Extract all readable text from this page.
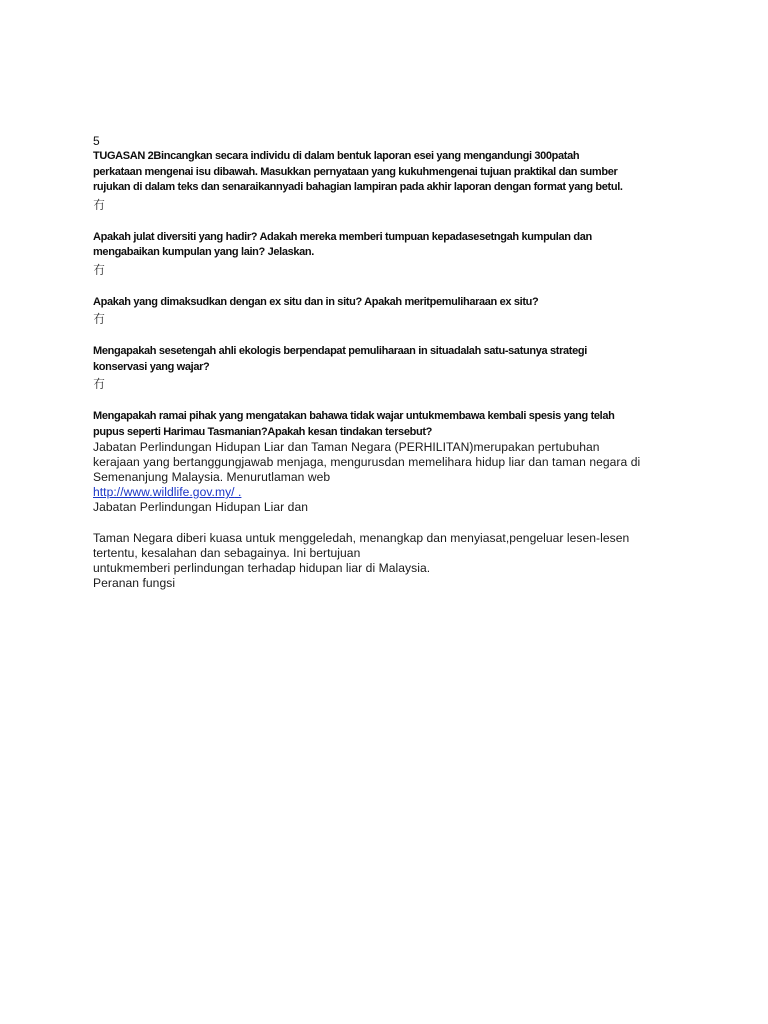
5

TUGASAN 2Bincangkan secara individu di dalam bentuk laporan esei yang mengandungi 300patah
perkataan mengenai isu dibawah. Masukkan pernyataan yang kukuhmengenai tujuan praktikal dan sumber
rujukan di dalam teks dan senaraikannyadi bahagian lampiran pada akhir laporan dengan format yang betul.

冇

Apakah julat diversiti yang hadir? Adakah mereka memberi tumpuan kepadasesetngah kumpulan dan
mengabaikan kumpulan yang lain? Jelaskan.

冇

Apakah yang dimaksudkan dengan ex situ dan in situ? Apakah meritpemuliharaan ex situ?

冇

Mengapakah sesetengah ahli ekologis berpendapat pemuliharaan in situadalah satu-satunya strategi
konservasi yang wajar?

冇

Mengapakah ramai pihak yang mengatakan bahawa tidak wajar untukmembawa kembali spesis yang telah
pupus seperti Harimau Tasmanian?Apakah kesan tindakan tersebut?
Jabatan Perlindungan Hidupan Liar dan Taman Negara (PERHILITAN)merupakan pertubuhan
kerajaan yang bertanggungjawab menjaga, mengurusdan memelihara hidup liar dan taman negara di
Semenanjung Malaysia. Menurutlaman web
http://www.wildlife.gov.my/ .
Jabatan Perlindungan Hidupan Liar dan
Taman Negara diberi kuasa untuk menggeledah, menangkap dan menyiasat,pengeluar lesen-lesen
tertentu, kesalahan dan sebagainya. Ini bertujuan
untukmemberi perlindungan terhadap hidupan liar di Malaysia.
Peranan fungsi
